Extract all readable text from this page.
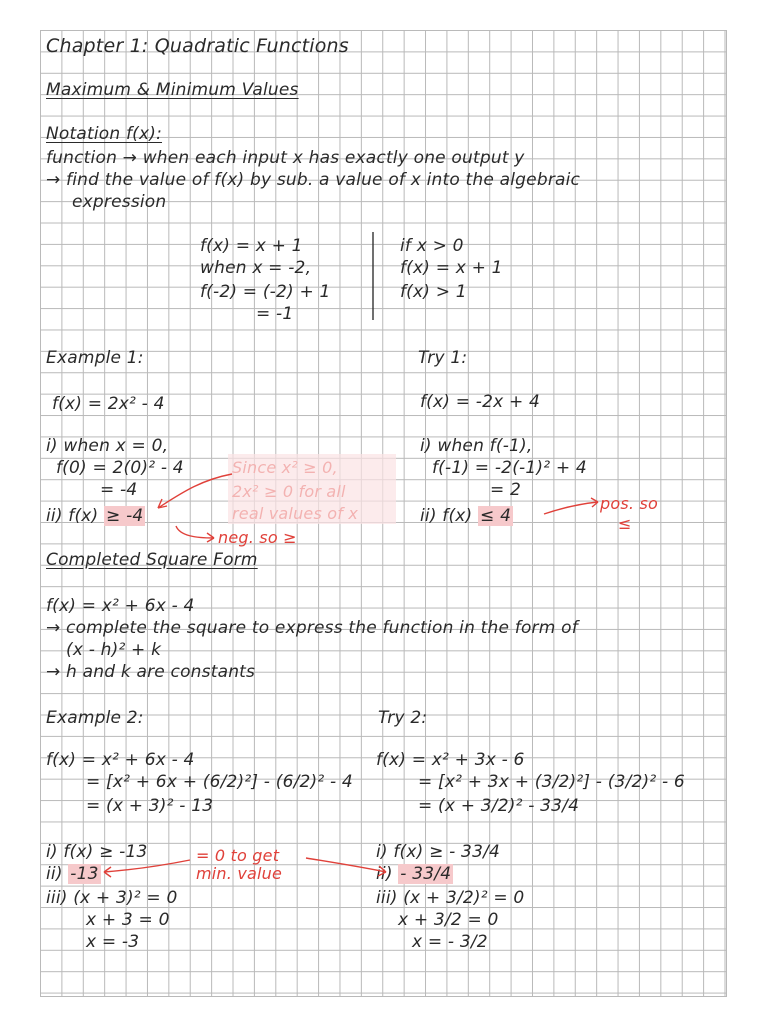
Chapter 1: Quadratic Functions
Maximum & Minimum Values
Notation f(x):
function → when each input x has exactly one output y
→ find the value of f(x) by sub. a value of x into the algebraic
expression
f(x) = x + 1
when x = -2,
f(-2) = (-2) + 1
= -1
if x > 0
f(x) = x + 1
f(x) > 1
Example 1:
f(x) = 2x² - 4
i) when x = 0,
f(0) = 2(0)² - 4
= -4
ii) f(x) ≥ -4
neg. so ≥
Try 1:
f(x) = -2x + 4
i) when f(-1),
f(-1) = -2(-1)² + 4
= 2
ii) f(x) ≤ 4
pos. so
≤
Completed Square Form
f(x) = x² + 6x - 4
→ complete the square to express the function in the form of
(x - h)² + k
→ h and k are constants
Example 2:
f(x) = x² + 6x - 4
= [x² + 6x + (6/2)²] - (6/2)² - 4
= (x + 3)² - 13
i) f(x) ≥ -13
ii) -13
iii) (x + 3)² = 0
x + 3 = 0
x = -3
= 0 to get
min. value
Try 2:
f(x) = x² + 3x - 6
= [x² + 3x + (3/2)²] - (3/2)² - 6
= (x + 3/2)² - 33/4
i) f(x) ≥ - 33/4
ii) - 33/4
iii) (x + 3/2)² = 0
x + 3/2 = 0
x = - 3/2
